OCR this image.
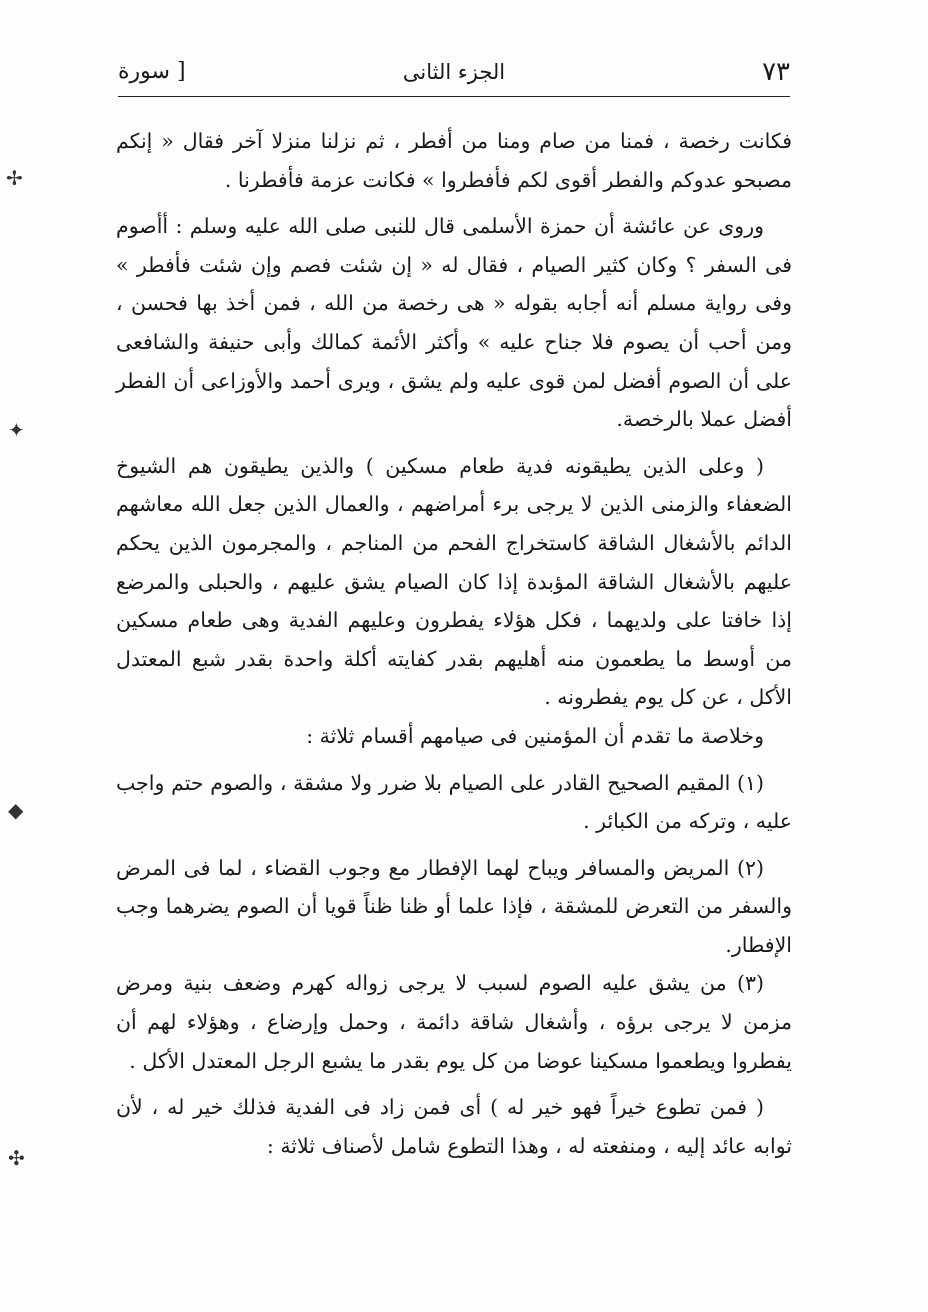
٧٣
الجزء الثانى
[ سورة

فكانت رخصة ، فمنا من صام ومنا من أفطر ، ثم نزلنا منزلا آخر فقال « إنكم مصبحو عدوكم والفطر أقوى لكم فأفطروا » فكانت عزمة فأفطرنا .

وروى عن عائشة أن حمزة الأسلمى قال للنبى صلى الله عليه وسلم : أأصوم فى السفر ؟ وكان كثير الصيام ، فقال له « إن شئت فصم وإن شئت فأفطر » وفى رواية مسلم أنه أجابه بقوله « هى رخصة من الله ، فمن أخذ بها فحسن ، ومن أحب أن يصوم فلا جناح عليه » وأكثر الأئمة كمالك وأبى حنيفة والشافعى على أن الصوم أفضل لمن قوى عليه ولم يشق ، ويرى أحمد والأوزاعى أن الفطر أفضل عملا بالرخصة.

( وعلى الذين يطيقونه فدية طعام مسكين ) والذين يطيقون هم الشيوخ الضعفاء والزمنى الذين لا يرجى برء أمراضهم ، والعمال الذين جعل الله معاشهم الدائم بالأشغال الشاقة كاستخراج الفحم من المناجم ، والمجرمون الذين يحكم عليهم بالأشغال الشاقة المؤبدة إذا كان الصيام يشق عليهم ، والحبلى والمرضع إذا خافتا على ولديهما ، فكل هؤلاء يفطرون وعليهم الفدية وهى طعام مسكين من أوسط ما يطعمون منه أهليهم بقدر كفايته أكلة واحدة بقدر شبع المعتدل الأكل ، عن كل يوم يفطرونه .

وخلاصة ما تقدم أن المؤمنين فى صيامهم أقسام ثلاثة :

(١) المقيم الصحيح القادر على الصيام بلا ضرر ولا مشقة ، والصوم حتم واجب عليه ، وتركه من الكبائر .

(٢) المريض والمسافر ويباح لهما الإفطار مع وجوب القضاء ، لما فى المرض والسفر من التعرض للمشقة ، فإذا علما أو ظنا ظناً قويا أن الصوم يضرهما وجب الإفطار.

(٣) من يشق عليه الصوم لسبب لا يرجى زواله كهرم وضعف بنية ومرض مزمن لا يرجى برؤه ، وأشغال شاقة دائمة ، وحمل وإرضاع ، وهؤلاء لهم أن يفطروا ويطعموا مسكينا عوضا من كل يوم بقدر ما يشبع الرجل المعتدل الأكل .

( فمن تطوع خيراً فهو خير له ) أى فمن زاد فى الفدية فذلك خير له ، لأن ثوابه عائد إليه ، ومنفعته له ، وهذا التطوع شامل لأصناف ثلاثة :

✢
✦
◆
✣
